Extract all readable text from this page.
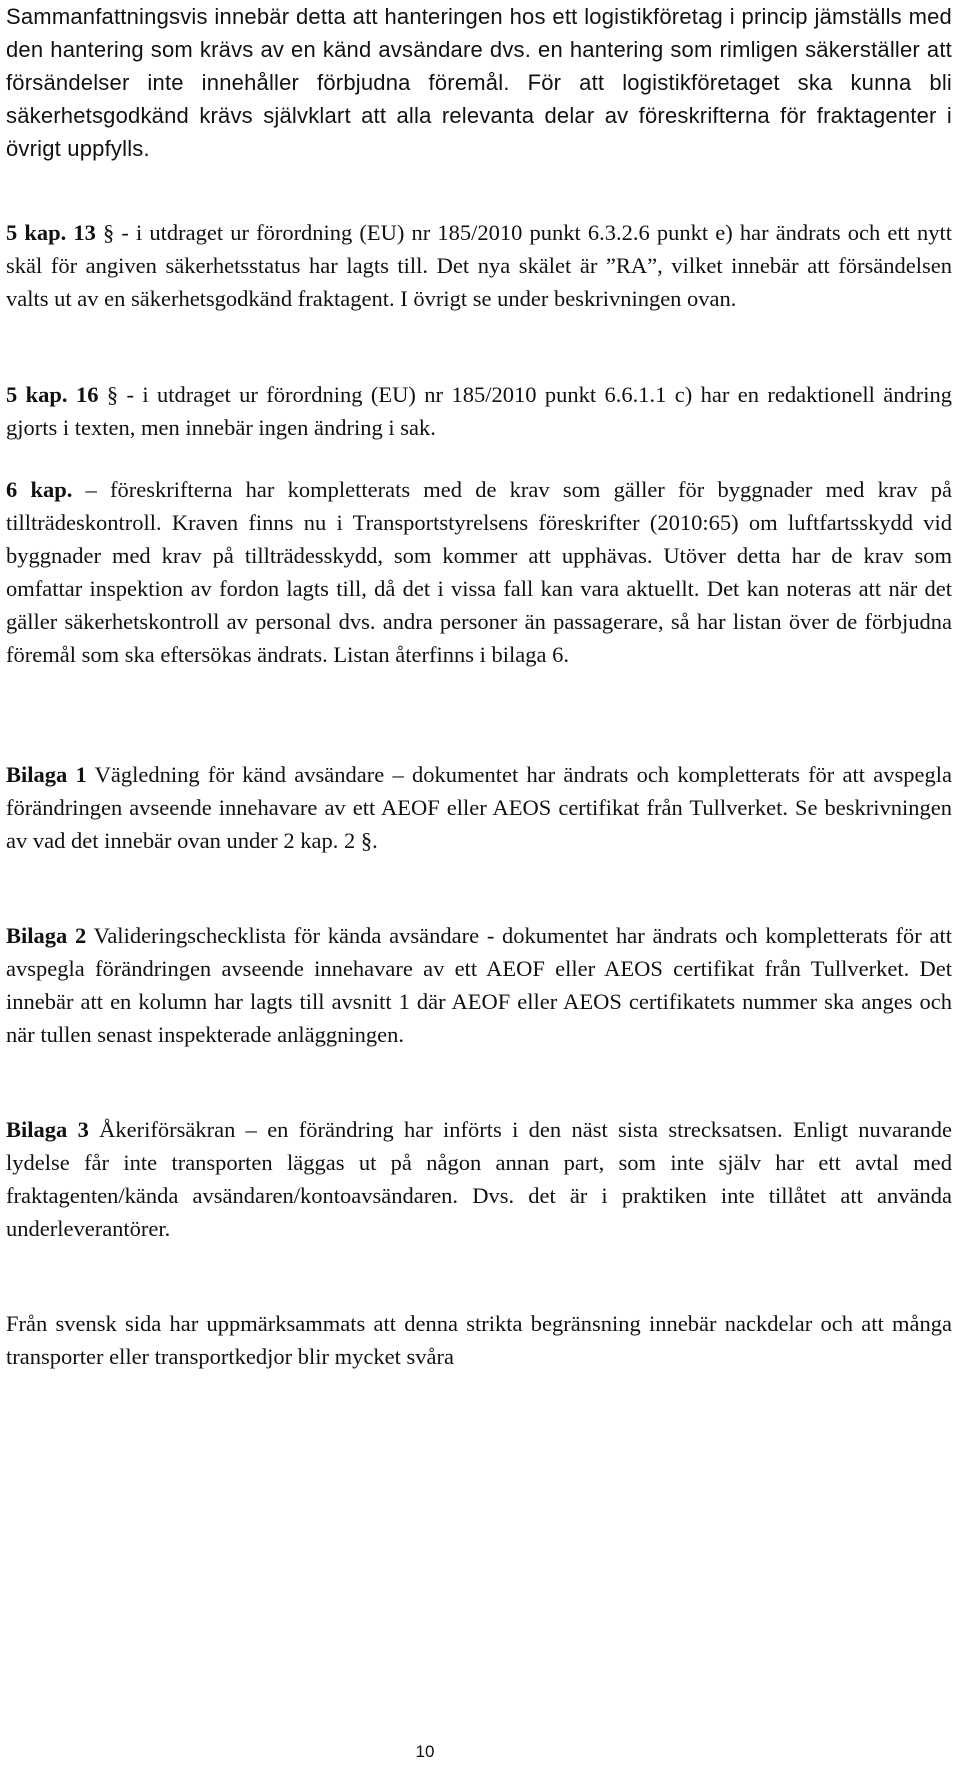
Sammanfattningsvis innebär detta att hanteringen hos ett logistikföretag i princip jämställs med den hantering som krävs av en känd avsändare dvs. en hantering som rimligen säkerställer att försändelser inte innehåller förbjudna föremål. För att logistikföretaget ska kunna bli säkerhetsgodkänd krävs självklart att alla relevanta delar av föreskrifterna för fraktagenter i övrigt uppfylls.

5 kap. 13 § - i utdraget ur förordning (EU) nr 185/2010 punkt 6.3.2.6 punkt e) har ändrats och ett nytt skäl för angiven säkerhetsstatus har lagts till. Det nya skälet är ”RA”, vilket innebär att försändelsen valts ut av en säkerhetsgodkänd fraktagent. I övrigt se under beskrivningen ovan.

5 kap. 16 § - i utdraget ur förordning (EU) nr 185/2010 punkt 6.6.1.1 c) har en redaktionell ändring gjorts i texten, men innebär ingen ändring i sak.

6 kap. – föreskrifterna har kompletterats med de krav som gäller för byggnader med krav på tillträdeskontroll. Kraven finns nu i Transportstyrelsens föreskrifter (2010:65) om luftfartsskydd vid byggnader med krav på tillträdesskydd, som kommer att upphävas. Utöver detta har de krav som omfattar inspektion av fordon lagts till, då det i vissa fall kan vara aktuellt. Det kan noteras att när det gäller säkerhetskontroll av personal dvs. andra personer än passagerare, så har listan över de förbjudna föremål som ska eftersökas ändrats. Listan återfinns i bilaga 6.

Bilaga 1 Vägledning för känd avsändare – dokumentet har ändrats och kompletterats för att avspegla förändringen avseende innehavare av ett AEOF eller AEOS certifikat från Tullverket. Se beskrivningen av vad det innebär ovan under 2 kap. 2 §.

Bilaga 2 Valideringschecklista för kända avsändare - dokumentet har ändrats och kompletterats för att avspegla förändringen avseende innehavare av ett AEOF eller AEOS certifikat från Tullverket. Det innebär att en kolumn har lagts till avsnitt 1 där AEOF eller AEOS certifikatets nummer ska anges och när tullen senast inspekterade anläggningen.

Bilaga 3 Åkeriförsäkran – en förändring har införts i den näst sista strecksatsen. Enligt nuvarande lydelse får inte transporten läggas ut på någon annan part, som inte själv har ett avtal med fraktagenten/kända avsändaren/kontoavsändaren. Dvs. det är i praktiken inte tillåtet att använda underleverantörer.

Från svensk sida har uppmärksammats att denna strikta begränsning innebär nackdelar och att många transporter eller transportkedjor blir mycket svåra

10
